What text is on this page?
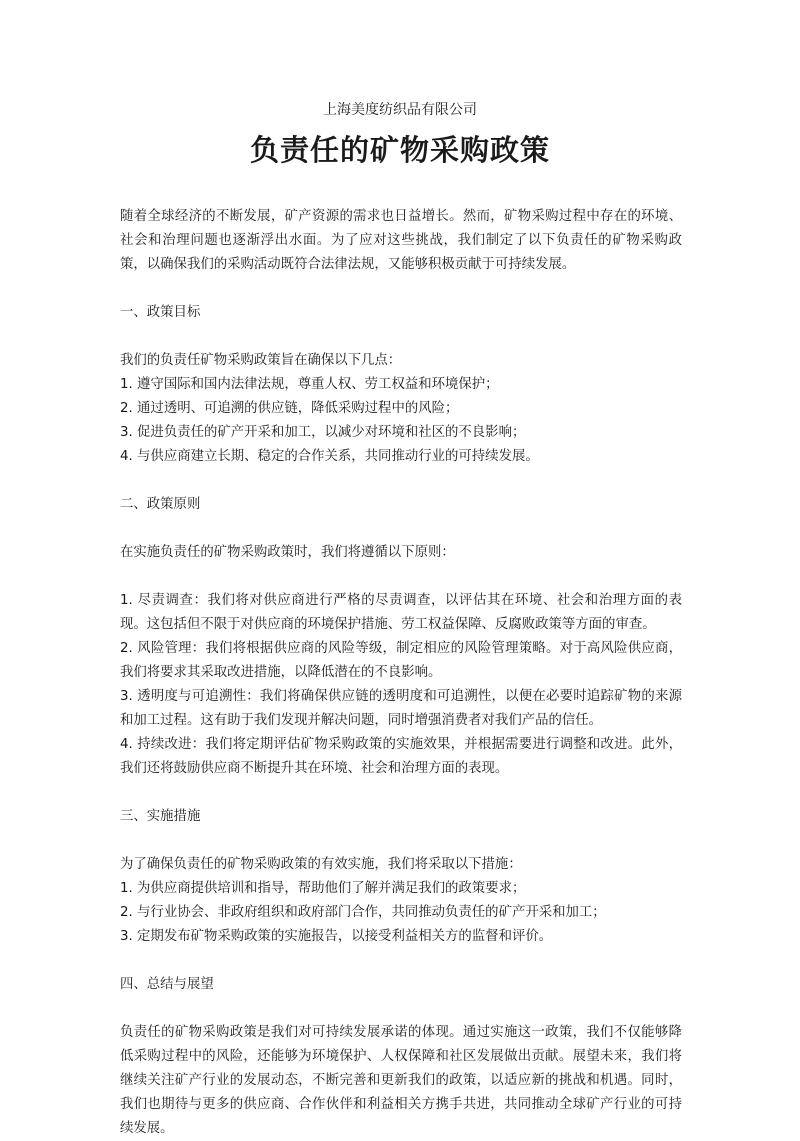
上海美度纺织品有限公司
负责任的矿物采购政策

随着全球经济的不断发展，矿产资源的需求也日益增长。然而，矿物采购过程中存在的环境、社会和治理问题也逐渐浮出水面。为了应对这些挑战，我们制定了以下负责任的矿物采购政策，以确保我们的采购活动既符合法律法规，又能够积极贡献于可持续发展。

一、政策目标

我们的负责任矿物采购政策旨在确保以下几点：

1. 遵守国际和国内法律法规，尊重人权、劳工权益和环境保护；

2. 通过透明、可追溯的供应链，降低采购过程中的风险；

3. 促进负责任的矿产开采和加工，以减少对环境和社区的不良影响；

4. 与供应商建立长期、稳定的合作关系，共同推动行业的可持续发展。

二、政策原则

在实施负责任的矿物采购政策时，我们将遵循以下原则：

1. 尽责调查：我们将对供应商进行严格的尽责调查，以评估其在环境、社会和治理方面的表现。这包括但不限于对供应商的环境保护措施、劳工权益保障、反腐败政策等方面的审查。

2. 风险管理：我们将根据供应商的风险等级，制定相应的风险管理策略。对于高风险供应商，我们将要求其采取改进措施，以降低潜在的不良影响。

3. 透明度与可追溯性：我们将确保供应链的透明度和可追溯性，以便在必要时追踪矿物的来源和加工过程。这有助于我们发现并解决问题，同时增强消费者对我们产品的信任。

4. 持续改进：我们将定期评估矿物采购政策的实施效果，并根据需要进行调整和改进。此外，我们还将鼓励供应商不断提升其在环境、社会和治理方面的表现。

三、实施措施

为了确保负责任的矿物采购政策的有效实施，我们将采取以下措施：

1. 为供应商提供培训和指导，帮助他们了解并满足我们的政策要求；

2. 与行业协会、非政府组织和政府部门合作，共同推动负责任的矿产开采和加工；

3. 定期发布矿物采购政策的实施报告，以接受利益相关方的监督和评价。

四、总结与展望

负责任的矿物采购政策是我们对可持续发展承诺的体现。通过实施这一政策，我们不仅能够降低采购过程中的风险，还能够为环境保护、人权保障和社区发展做出贡献。展望未来，我们将继续关注矿产行业的发展动态，不断完善和更新我们的政策，以适应新的挑战和机遇。同时，我们也期待与更多的供应商、合作伙伴和利益相关方携手共进，共同推动全球矿产行业的可持续发展。
